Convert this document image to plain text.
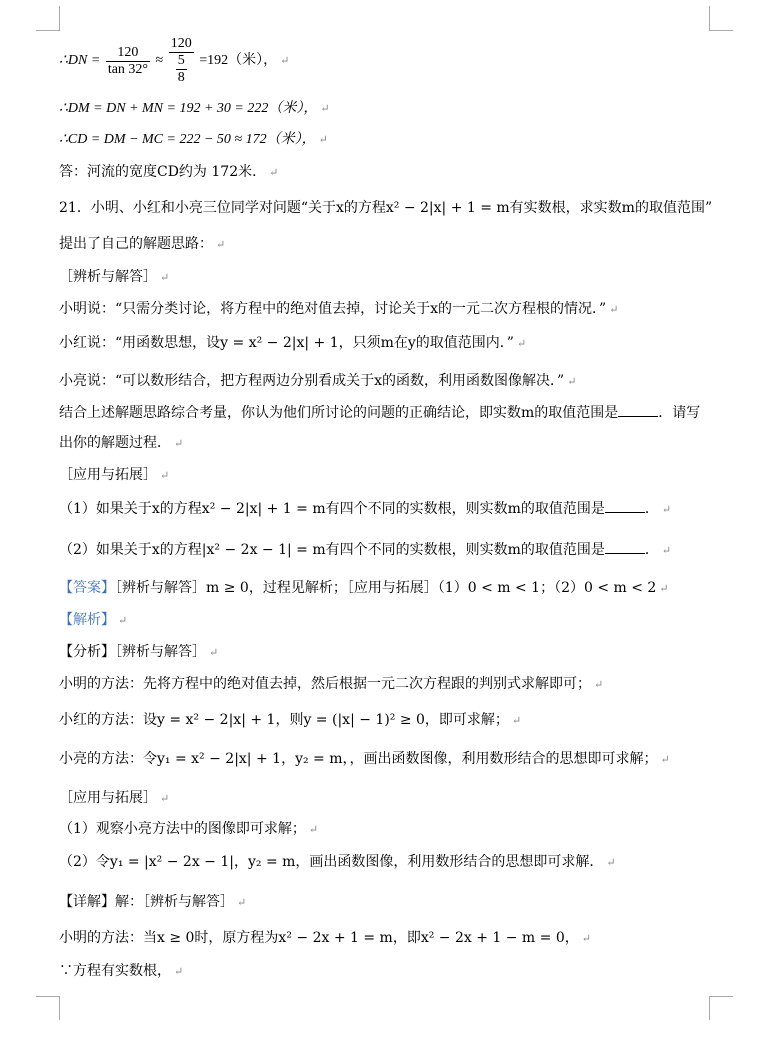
∴DN = $\frac{120}{\tan 32^\circ} \approx \frac{120}{\frac{5}{8}} =192$（米）， ↵
∴DM = DN + MN = 192 + 30 = 222（米）， ↵
∴CD = DM − MC = 222 − 50 ≈ 172（米）， ↵
答：河流的宽度CD约为 172米． ↵
21．小明、小红和小亮三位同学对问题“关于x的方程x² − 2|x| + 1 = m有实数根，求实数m的取值范围”
提出了自己的解题思路： ↵
［辨析与解答］ ↵
小明说：“只需分类讨论，将方程中的绝对值去掉，讨论关于x的一元二次方程根的情况．” ↵
小红说：“用函数思想，设y = x² − 2|x| + 1，只须m在y的取值范围内．” ↵
小亮说：“可以数形结合，把方程两边分别看成关于x的函数，利用函数图像解决．” ↵
结合上述解题思路综合考量，你认为他们所讨论的问题的正确结论，即实数m的取值范围是	．请写
出你的解题过程． ↵
［应用与拓展］ ↵
（1）如果关于x的方程x² − 2|x| + 1 = m有四个不同的实数根，则实数m的取值范围是	． ↵
（2）如果关于x的方程|x² − 2x − 1| = m有四个不同的实数根，则实数m的取值范围是	． ↵
【答案】［辨析与解答］m ≥ 0，过程见解析；［应用与拓展］（1）0 < m < 1；（2）0 < m < 2 ↵
【解析】 ↵
【分析】［辨析与解答］ ↵
小明的方法：先将方程中的绝对值去掉，然后根据一元二次方程跟的判别式求解即可； ↵
小红的方法：设y = x² − 2|x| + 1，则y = (|x| − 1)² ≥ 0，即可求解； ↵
小亮的方法：令y₁ = x² − 2|x| + 1，y₂ = m，，画出函数图像，利用数形结合的思想即可求解； ↵
［应用与拓展］ ↵
（1）观察小亮方法中的图像即可求解； ↵
（2）令y₁ = |x² − 2x − 1|，y₂ = m，画出函数图像，利用数形结合的思想即可求解． ↵
【详解】解：［辨析与解答］ ↵
小明的方法：当x ≥ 0时，原方程为x² − 2x + 1 = m，即x² − 2x + 1 − m = 0， ↵
∵方程有实数根， ↵
